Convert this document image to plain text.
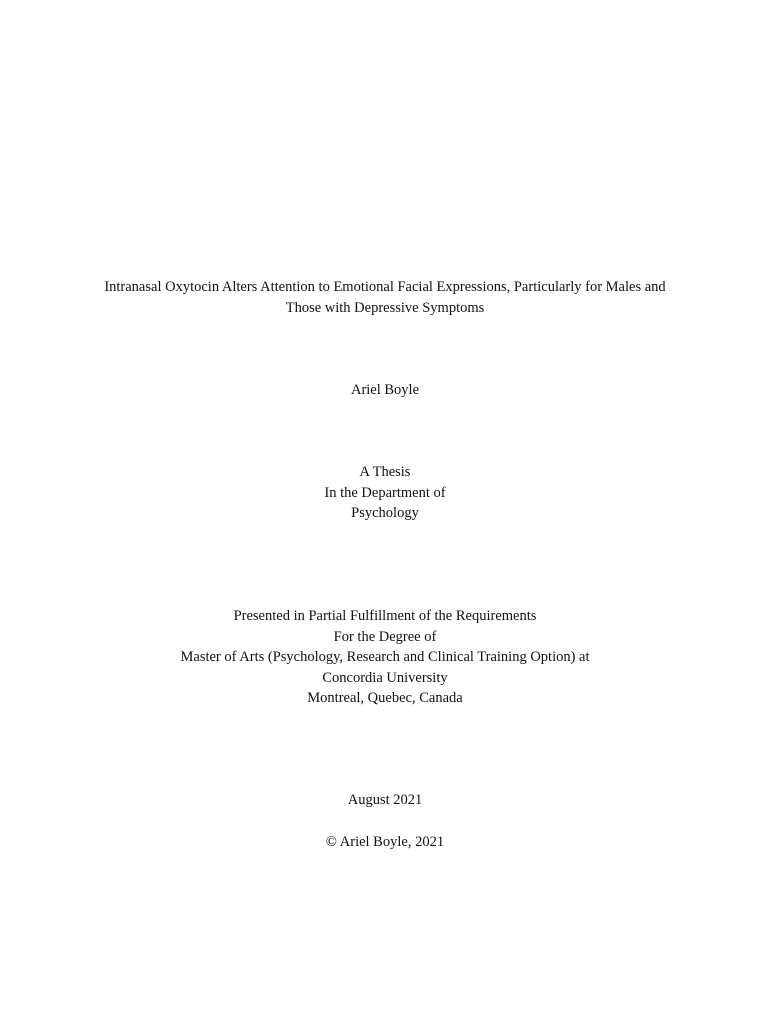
Intranasal Oxytocin Alters Attention to Emotional Facial Expressions, Particularly for Males and
Those with Depressive Symptoms
Ariel Boyle
A Thesis
In the Department of
Psychology
Presented in Partial Fulfillment of the Requirements
For the Degree of
Master of Arts (Psychology, Research and Clinical Training Option) at
Concordia University
Montreal, Quebec, Canada
August 2021
© Ariel Boyle, 2021
